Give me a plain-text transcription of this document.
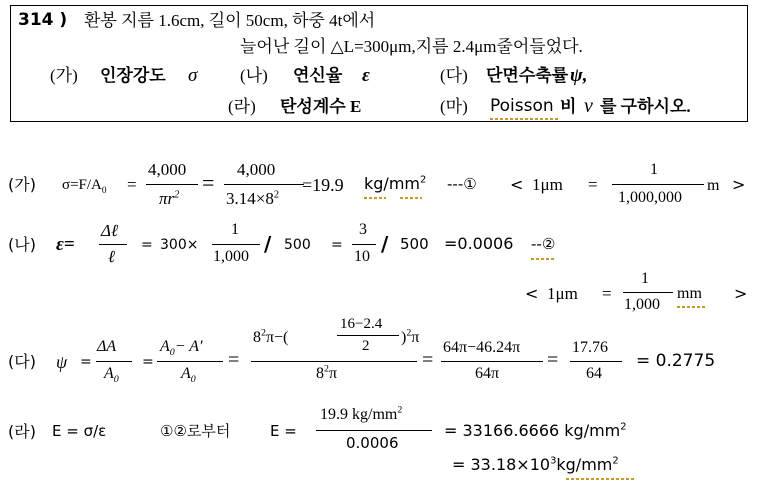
314 ) 환봉 지름 1.6cm, 길이 50cm, 하중 4t에서
늘어난 길이 △L=300μm,지름 2.4μm줄어들었다.
(가) 인장강도 σ	(나) 연신율 ε	(다) 단면수축률 ψ,
(라) 탄성계수 E	(마) Poisson 비 ν 를 구하시오.
(가) $\sigma=F/A_0$ =
4,000
$\pi r^2$ =
4,000
$3.14\times 8^2 =19.9$ $kg/mm^2$ ---① < 1μm =
1
1,000,000
m >
(나) ε=
Δℓ
ℓ
= 300×
1
1,000
/ 500 =
3
10
/ 500 =0.0006 --②
< 1μm =
1
1,000
mm >
(다) ψ =
ΔA
$A_0$
=
$A_0- A'$
$A_0$
=
$8^2\pi-$(
16−2.4
2 )$^2$π
$8^2\pi$
=
64π−46.24π
64π
=
17.76
64
= 0.2775
(라) E = σ/ε	①②로부터	E =
19.9 $kg/mm^2$
0.0006
= 33166.6666 $kg/mm^2$
= $33.18\times 10^3kg/mm^2$
